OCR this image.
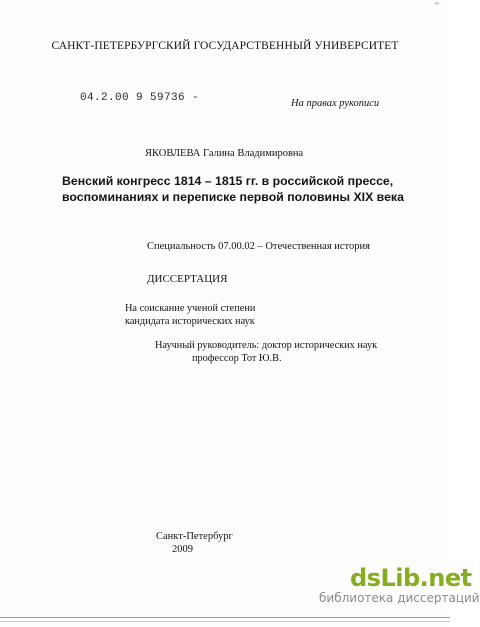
"'
САНКТ-ПЕТЕРБУРГСКИЙ ГОСУДАРСТВЕННЫЙ УНИВЕРСИТЕТ
04.2.00 9 59736 -	На правах рукописи
ЯКОВЛЕВА Галина Владимировна
Венский конгресс 1814 – 1815 гг. в российской прессе,
воспоминаниях и переписке первой половины XIX века
Специальность 07.00.02 – Отечественная история
ДИССЕРТАЦИЯ
На соискание ученой степени
кандидата исторических наук
Научный руководитель: доктор исторических наук
профессор Тот Ю.В.
Санкт-Петербург
2009
dsLib.net
библиотека диссертаций
